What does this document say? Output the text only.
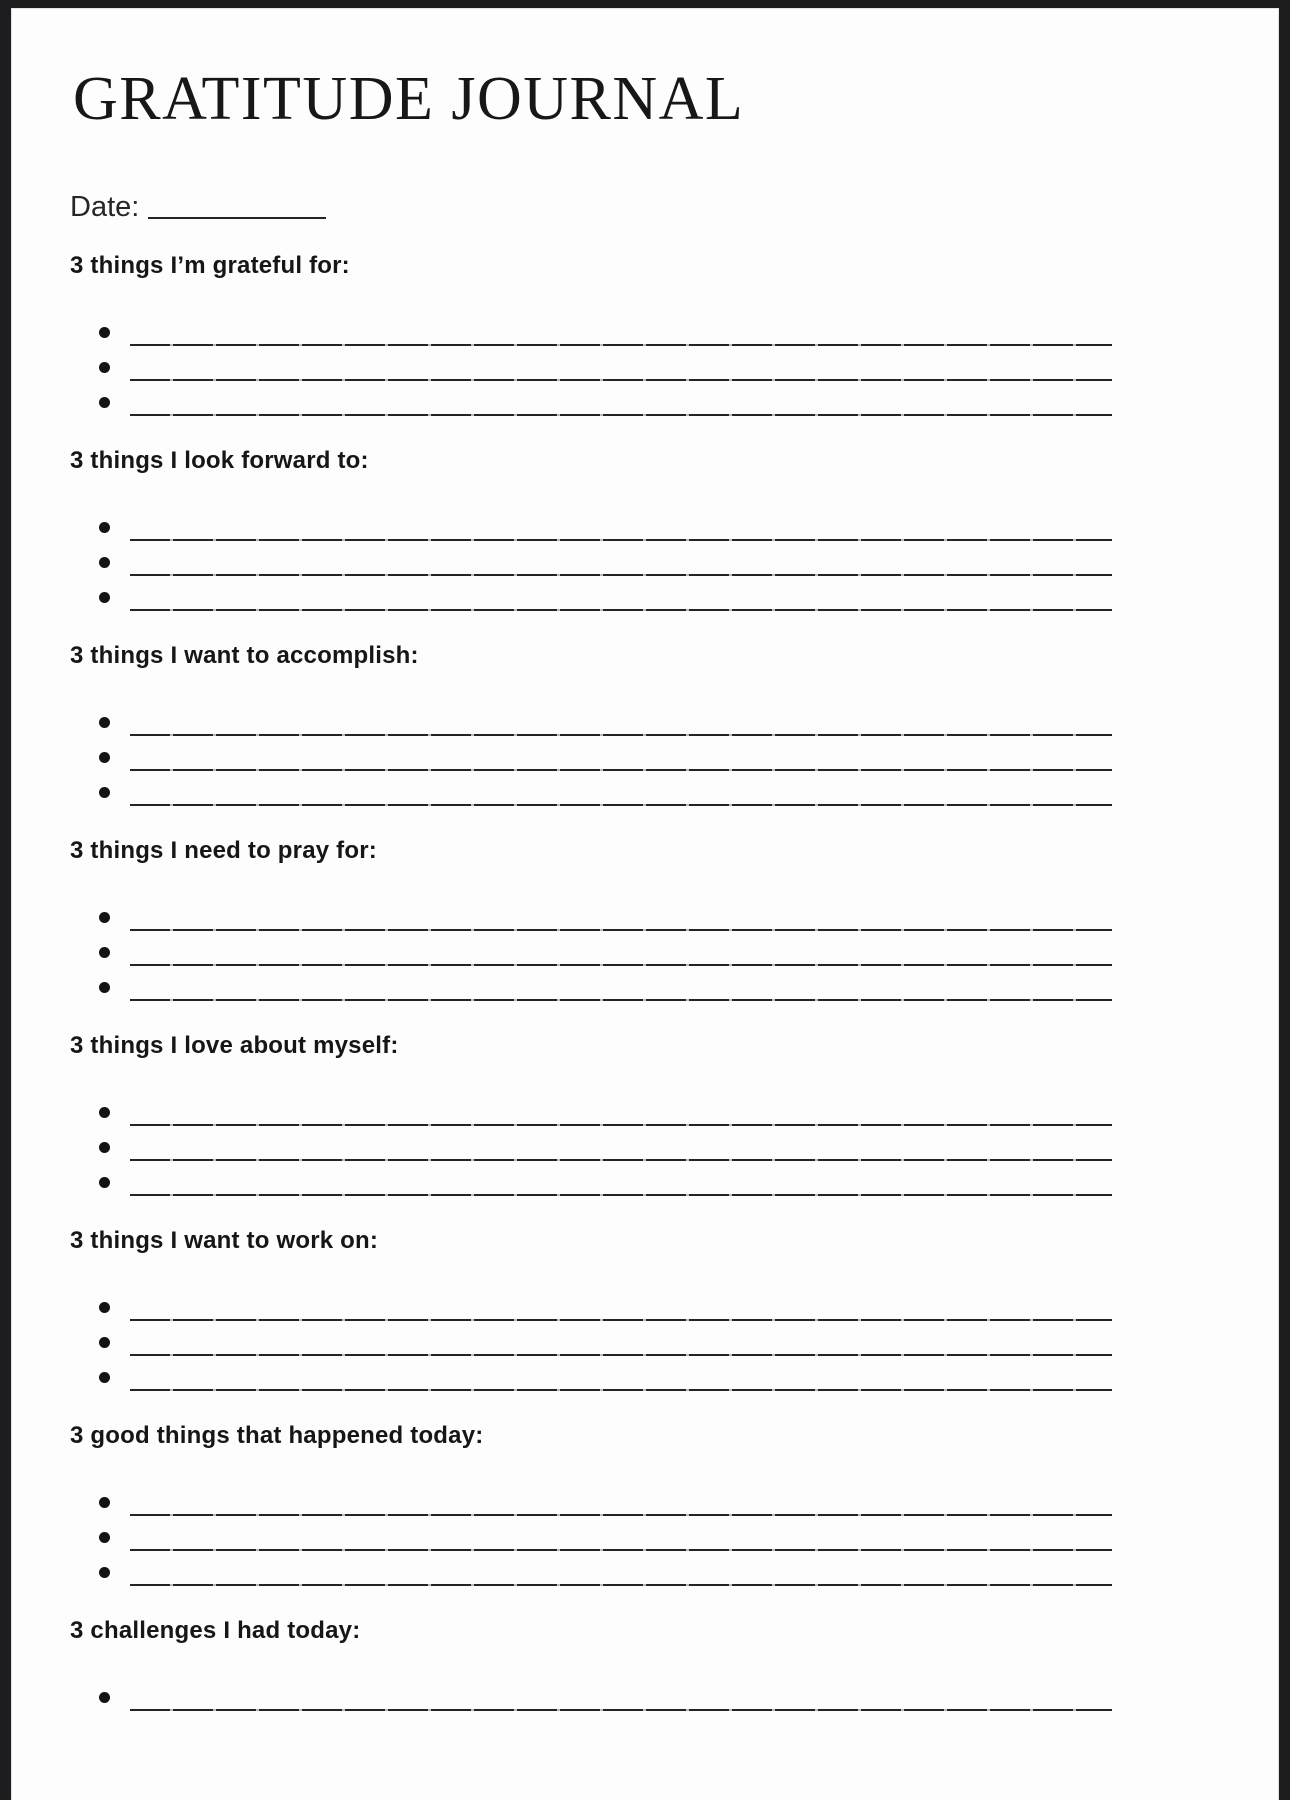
GRATITUDE JOURNAL
Date:
3 things I’m grateful for:
3 things I look forward to:
3 things I want to accomplish:
3 things I need to pray for:
3 things I love about myself:
3 things I want to work on:
3 good things that happened today:
3 challenges I had today:
